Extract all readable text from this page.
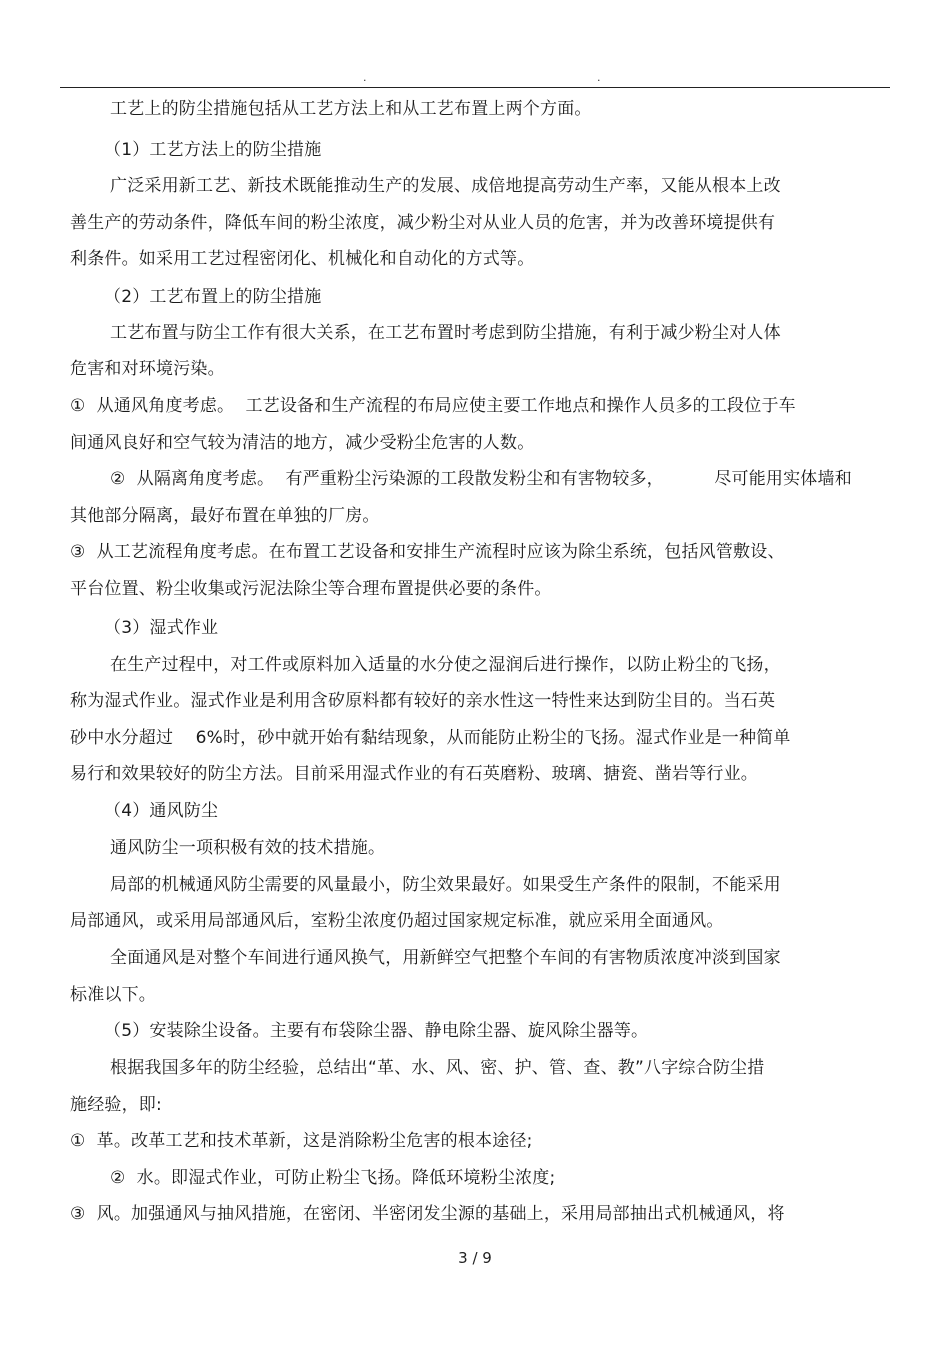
.	.
工艺上的防尘措施包括从工艺方法上和从工艺布置上两个方面。
（1）工艺方法上的防尘措施
广泛采用新工艺、新技术既能推动生产的发展、成倍地提高劳动生产率，又能从根本上改
善生产的劳动条件，降低车间的粉尘浓度，减少粉尘对从业人员的危害，并为改善环境提供有
利条件。如采用工艺过程密闭化、机械化和自动化的方式等。
（2）工艺布置上的防尘措施
工艺布置与防尘工作有很大关系，在工艺布置时考虑到防尘措施，有利于减少粉尘对人体
危害和对环境污染。
①  从通风角度考虑。  工艺设备和生产流程的布局应使主要工作地点和操作人员多的工段位于车
间通风良好和空气较为清洁的地方，减少受粉尘危害的人数。
②  从隔离角度考虑。  有严重粉尘污染源的工段散发粉尘和有害物较多，         尽可能用实体墙和
其他部分隔离，最好布置在单独的厂房。
③  从工艺流程角度考虑。在布置工艺设备和安排生产流程时应该为除尘系统，包括风管敷设、
平台位置、粉尘收集或污泥法除尘等合理布置提供必要的条件。
（3）湿式作业
在生产过程中，对工件或原料加入适量的水分使之湿润后进行操作，以防止粉尘的飞扬，
称为湿式作业。湿式作业是利用含矽原料都有较好的亲水性这一特性来达到防尘目的。当石英
砂中水分超过    6%时，砂中就开始有黏结现象，从而能防止粉尘的飞扬。湿式作业是一种简单
易行和效果较好的防尘方法。目前采用湿式作业的有石英磨粉、玻璃、搪瓷、凿岩等行业。
（4）通风防尘
通风防尘一项积极有效的技术措施。
局部的机械通风防尘需要的风量最小，防尘效果最好。如果受生产条件的限制，不能采用
局部通风，或采用局部通风后，室粉尘浓度仍超过国家规定标准，就应采用全面通风。
全面通风是对整个车间进行通风换气，用新鲜空气把整个车间的有害物质浓度冲淡到国家
标准以下。
（5）安装除尘设备。主要有布袋除尘器、静电除尘器、旋风除尘器等。
根据我国多年的防尘经验，总结出“革、水、风、密、护、管、查、教”八字综合防尘措
施经验，即:
①  革。改革工艺和技术革新，这是消除粉尘危害的根本途径;
②  水。即湿式作业，可防止粉尘飞扬。降低环境粉尘浓度;
③  风。加强通风与抽风措施，在密闭、半密闭发尘源的基础上，采用局部抽出式机械通风，将
3 / 9
